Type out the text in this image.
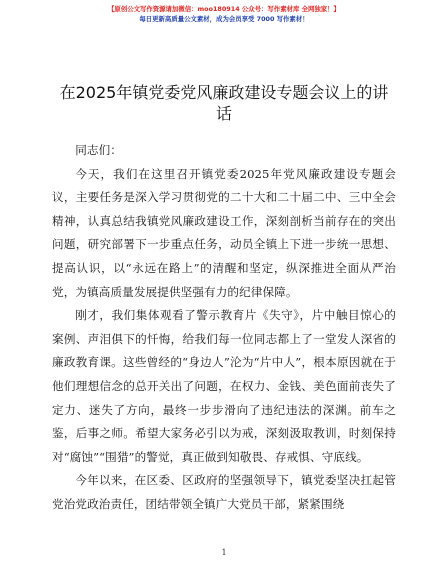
【原创公文写作资源请加微信：moo180914 公众号：写作素材库 全网独家！】
每日更新高质量公文素材，成为会员享受 7000 写作素材！
在2025年镇党委党风廉政建设专题会议上的讲话

同志们：

今天，我们在这里召开镇党委2025年党风廉政建设专题会议，主要任务是深入学习贯彻党的二十大和二十届二中、三中全会精神，认真总结我镇党风廉政建设工作，深刻剖析当前存在的突出问题，研究部署下一步重点任务，动员全镇上下进一步统一思想、提高认识，以“永远在路上”的清醒和坚定，纵深推进全面从严治党，为镇高质量发展提供坚强有力的纪律保障。

刚才，我们集体观看了警示教育片《失守》，片中触目惊心的案例、声泪俱下的忏悔，给我们每一位同志都上了一堂发人深省的廉政教育课。这些曾经的“身边人”沦为“片中人”，根本原因就在于他们理想信念的总开关出了问题，在权力、金钱、美色面前丧失了定力、迷失了方向，最终一步步滑向了违纪违法的深渊。前车之鉴，后事之师。希望大家务必引以为戒，深刻汲取教训，时刻保持对“腐蚀”“围猎”的警觉，真正做到知敬畏、存戒惧、守底线。

今年以来，在区委、区政府的坚强领导下，镇党委坚决扛起管党治党政治责任，团结带领全镇广大党员干部，紧紧围绕

1
